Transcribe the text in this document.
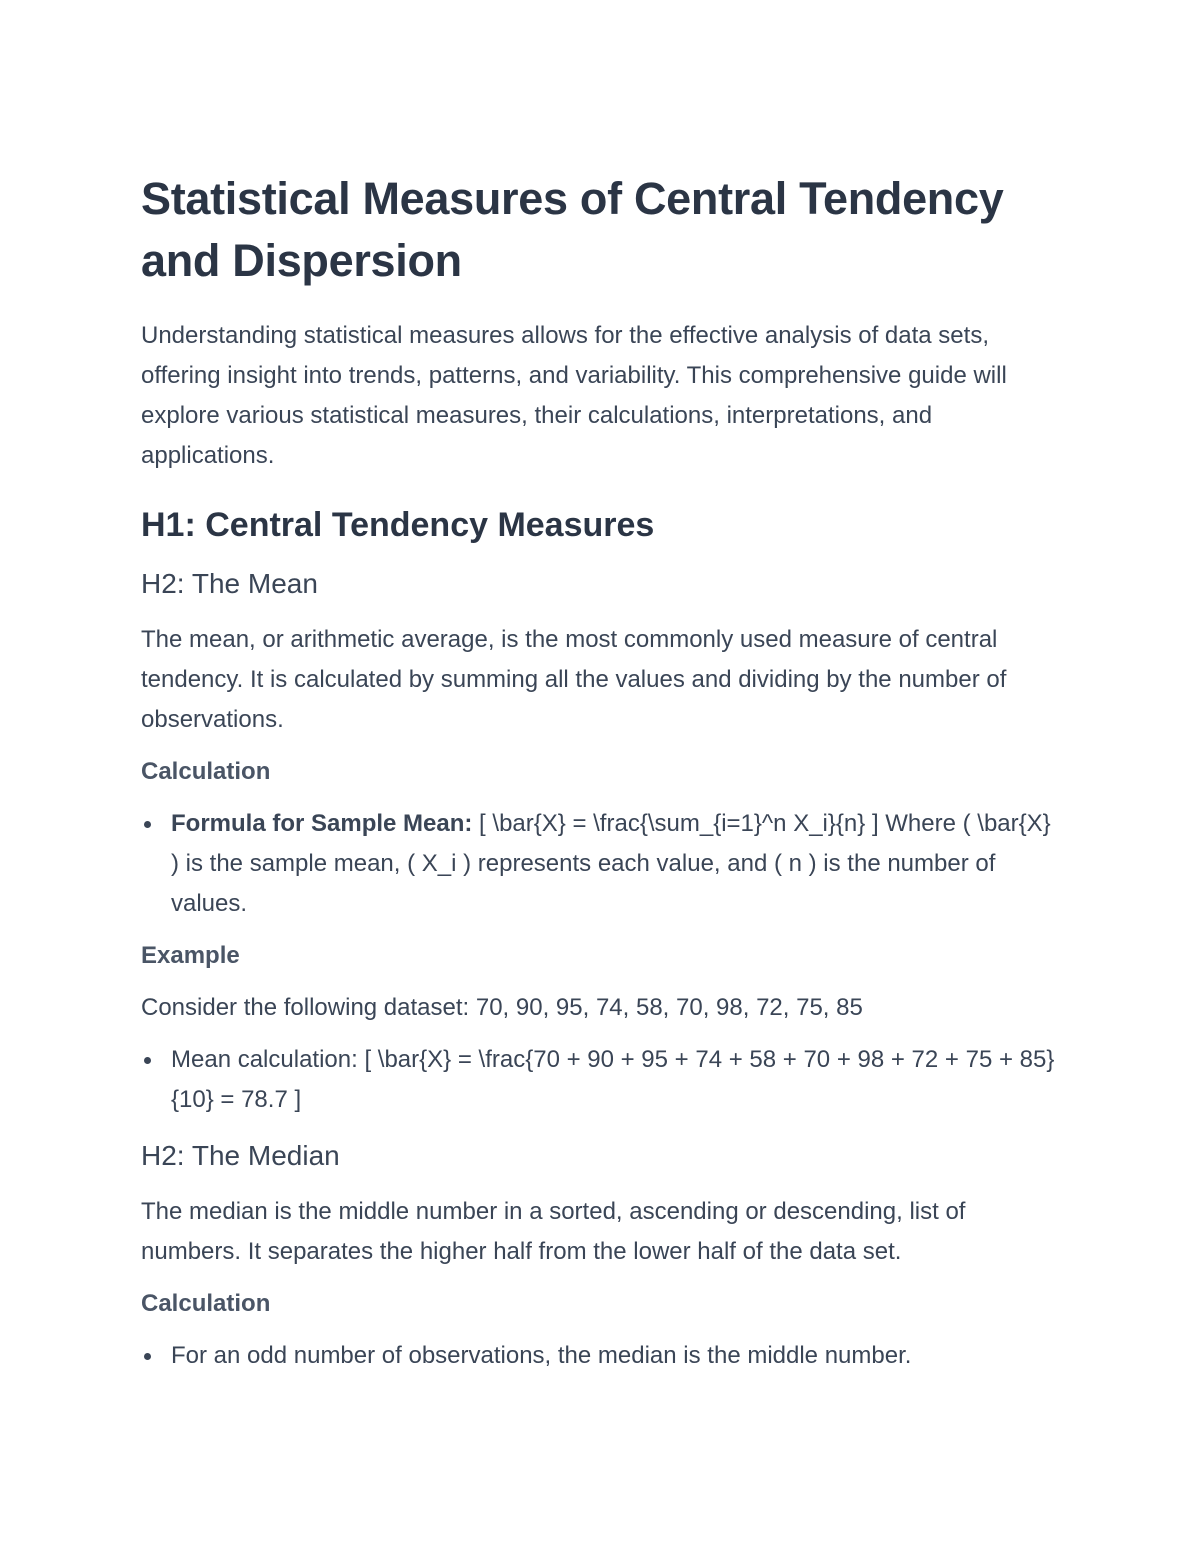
Statistical Measures of Central Tendency and Dispersion

Understanding statistical measures allows for the effective analysis of data sets, offering insight into trends, patterns, and variability. This comprehensive guide will explore various statistical measures, their calculations, interpretations, and applications.

H1: Central Tendency Measures
H2: The Mean

The mean, or arithmetic average, is the most commonly used measure of central tendency. It is calculated by summing all the values and dividing by the number of observations.

Calculation
Formula for Sample Mean: [ \bar{X} = \frac{\sum_{i=1}^n X_i}{n} ] Where ( \bar{X} ) is the sample mean, ( X_i ) represents each value, and ( n ) is the number of values.
Example

Consider the following dataset: 70, 90, 95, 74, 58, 70, 98, 72, 75, 85

Mean calculation: [ \bar{X} = \frac{70 + 90 + 95 + 74 + 58 + 70 + 98 + 72 + 75 + 85}{10} = 78.7 ]
H2: The Median

The median is the middle number in a sorted, ascending or descending, list of numbers. It separates the higher half from the lower half of the data set.

Calculation
For an odd number of observations, the median is the middle number.
